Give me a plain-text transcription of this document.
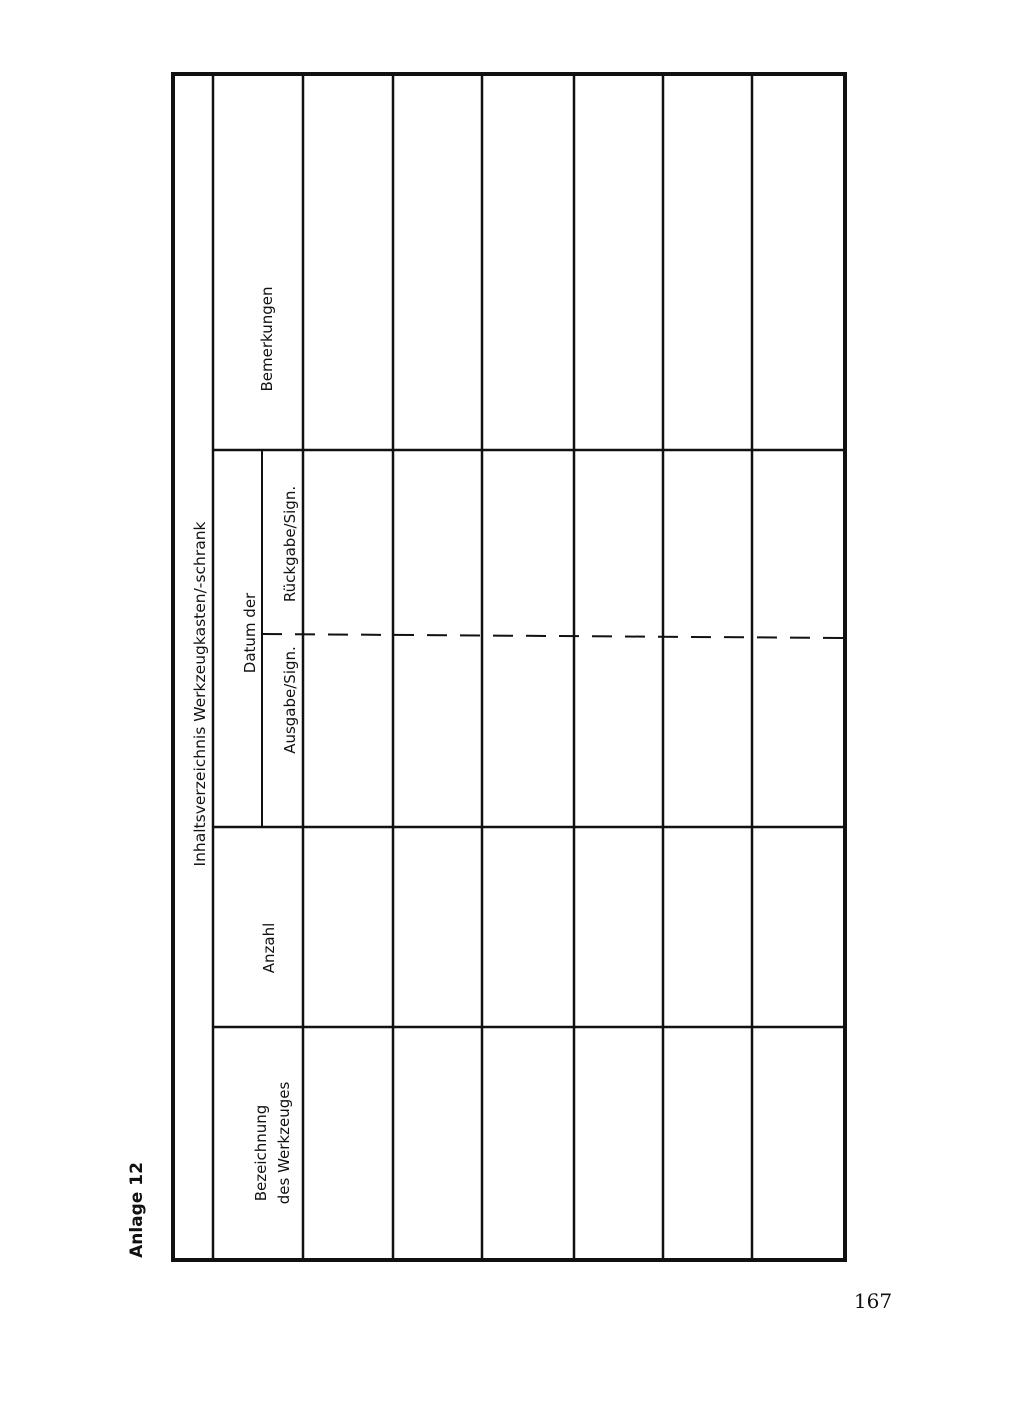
Inhaltsverzeichnis Werkzeugkasten/-schrank
Bezeichnung des Werkzeuges
Anzahl
Datum der
Ausgabe/Sign.
Rückgabe/Sign.
Bemerkungen
Anlage 12
167
